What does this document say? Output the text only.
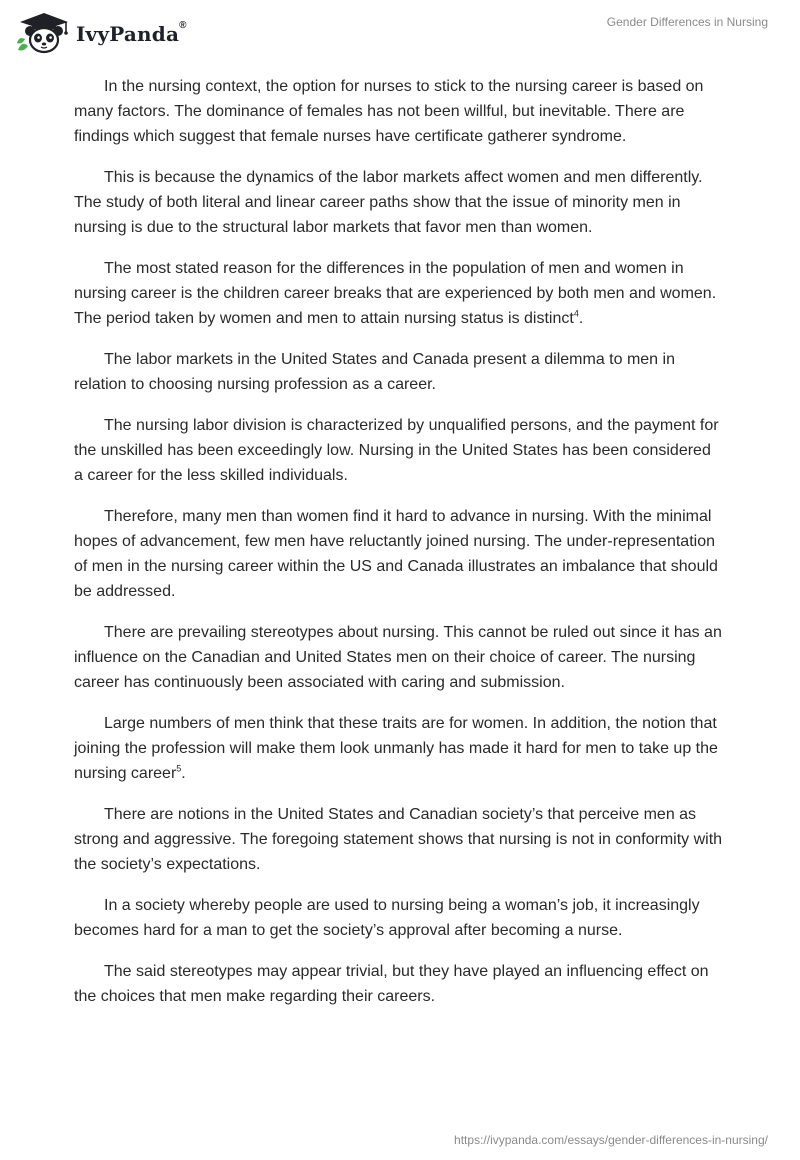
IvyPanda®	Gender Differences in Nursing

In the nursing context, the option for nurses to stick to the nursing career is based on many factors. The dominance of females has not been willful, but inevitable. There are findings which suggest that female nurses have certificate gatherer syndrome.

This is because the dynamics of the labor markets affect women and men differently. The study of both literal and linear career paths show that the issue of minority men in nursing is due to the structural labor markets that favor men than women.

The most stated reason for the differences in the population of men and women in nursing career is the children career breaks that are experienced by both men and women. The period taken by women and men to attain nursing status is distinct$^4$.

The labor markets in the United States and Canada present a dilemma to men in relation to choosing nursing profession as a career.

The nursing labor division is characterized by unqualified persons, and the payment for the unskilled has been exceedingly low. Nursing in the United States has been considered a career for the less skilled individuals.

Therefore, many men than women find it hard to advance in nursing. With the minimal hopes of advancement, few men have reluctantly joined nursing. The under-representation of men in the nursing career within the US and Canada illustrates an imbalance that should be addressed.

There are prevailing stereotypes about nursing. This cannot be ruled out since it has an influence on the Canadian and United States men on their choice of career. The nursing career has continuously been associated with caring and submission.

Large numbers of men think that these traits are for women. In addition, the notion that joining the profession will make them look unmanly has made it hard for men to take up the nursing career$^5$.

There are notions in the United States and Canadian society’s that perceive men as strong and aggressive. The foregoing statement shows that nursing is not in conformity with the society’s expectations.

In a society whereby people are used to nursing being a woman’s job, it increasingly becomes hard for a man to get the society’s approval after becoming a nurse.

The said stereotypes may appear trivial, but they have played an influencing effect on the choices that men make regarding their careers.

https://ivypanda.com/essays/gender-differences-in-nursing/
